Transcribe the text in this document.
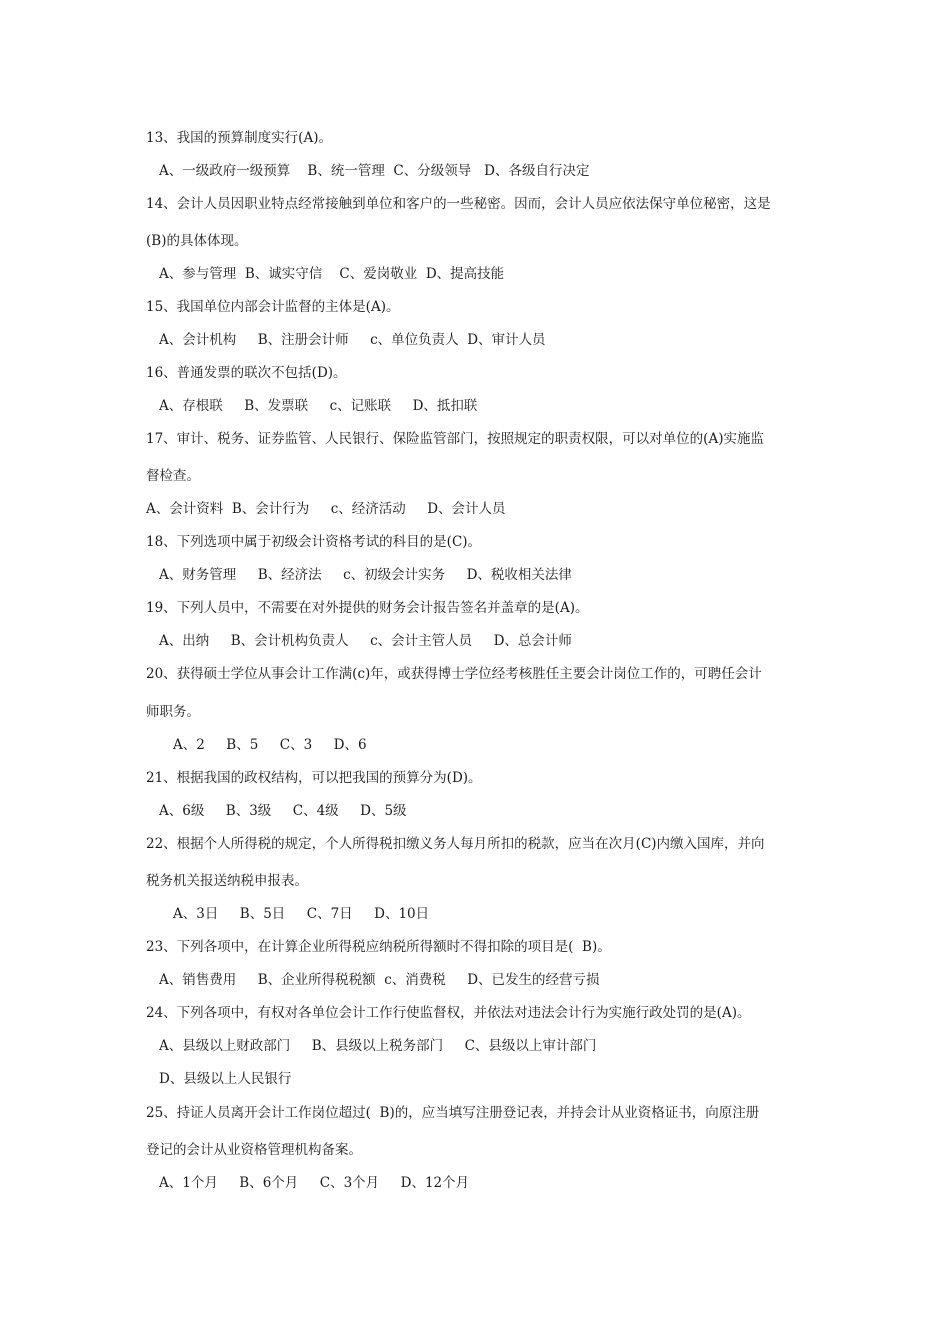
13、我国的预算制度实行(A)。
A、一级政府一级预算    B、统一管理  C、分级领导   D、各级自行决定
14、会计人员因职业特点经常接触到单位和客户的一些秘密。因而，会计人员应依法保守单位秘密，这是
(B)的具体体现。
A、参与管理  B、诚实守信    C、爱岗敬业  D、提高技能
15、我国单位内部会计监督的主体是(A)。
A、会计机构     B、注册会计师     c、单位负责人  D、审计人员
16、普通发票的联次不包括(D)。
A、存根联     B、发票联     c、记账联     D、抵扣联
17、审计、税务、证券监管、人民银行、保险监管部门，按照规定的职责权限，可以对单位的(A)实施监
督检查。
A、会计资料  B、会计行为     c、经济活动     D、会计人员
18、下列选项中属于初级会计资格考试的科目的是(C)。
A、财务管理     B、经济法     c、初级会计实务     D、税收相关法律
19、下列人员中，不需要在对外提供的财务会计报告签名并盖章的是(A)。
A、出纳     B、会计机构负责人     c、会计主管人员     D、总会计师
20、获得硕士学位从事会计工作满(c)年，或获得博士学位经考核胜任主要会计岗位工作的，可聘任会计
师职务。
A、2     B、5     C、3     D、6
21、根据我国的政权结构，可以把我国的预算分为(D)。
A、6级     B、3级     C、4级     D、5级
22、根据个人所得税的规定，个人所得税扣缴义务人每月所扣的税款，应当在次月(C)内缴入国库，并向
税务机关报送纳税申报表。
A、3日     B、5日     C、7日     D、10日
23、下列各项中，在计算企业所得税应纳税所得额时不得扣除的项目是(  B)。
A、销售费用     B、企业所得税税额  c、消费税     D、已发生的经营亏损
24、下列各项中，有权对各单位会计工作行使监督权，并依法对违法会计行为实施行政处罚的是(A)。
A、县级以上财政部门     B、县级以上税务部门     C、县级以上审计部门
D、县级以上人民银行
25、持证人员离开会计工作岗位超过(  B)的，应当填写注册登记表，并持会计从业资格证书，向原注册
登记的会计从业资格管理机构备案。
A、1个月     B、6个月     C、3个月     D、12个月
